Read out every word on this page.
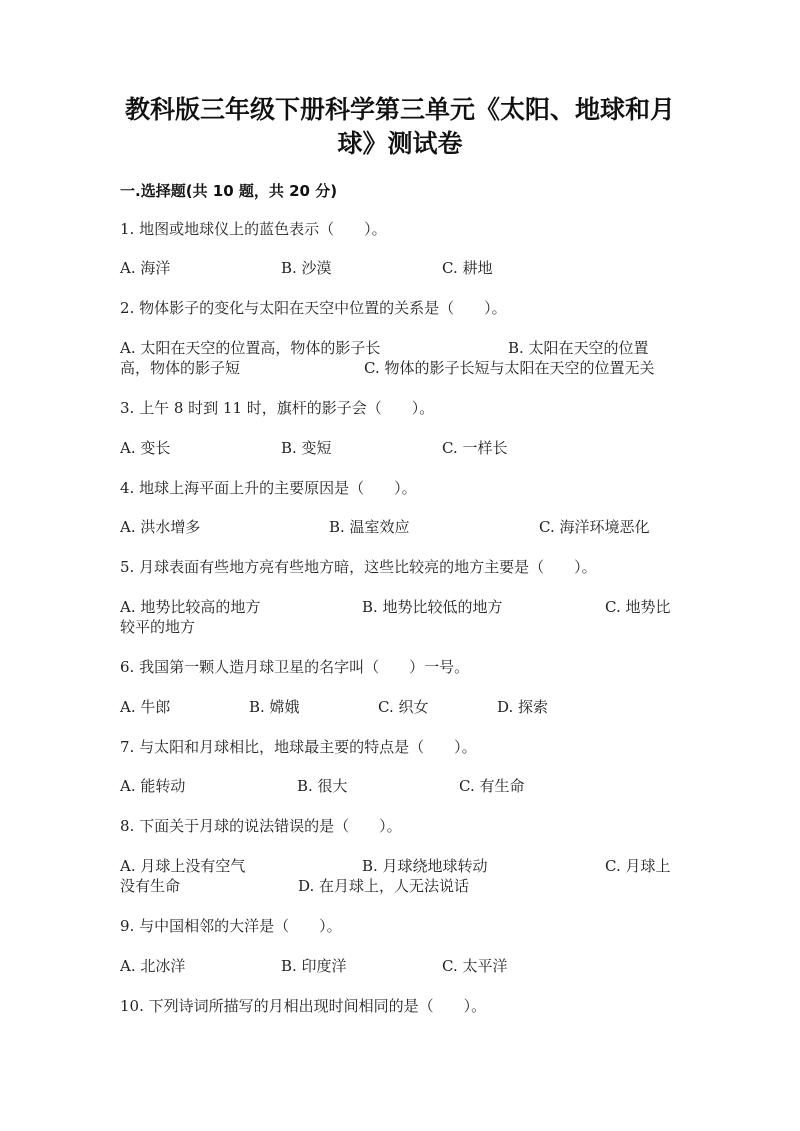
教科版三年级下册科学第三单元《太阳、地球和月
球》测试卷
一.选择题(共 10 题，共 20 分)
1. 地图或地球仪上的蓝色表示（　　）。
A. 海洋	B. 沙漠	C. 耕地
2. 物体影子的变化与太阳在天空中位置的关系是（　　）。
A. 太阳在天空的位置高，物体的影子长	B. 太阳在天空的位置
高，物体的影子短	C. 物体的影子长短与太阳在天空的位置无关
3. 上午 8 时到 11 时，旗杆的影子会（　　）。
A. 变长	B. 变短	C. 一样长
4. 地球上海平面上升的主要原因是（　　）。
A. 洪水增多	B. 温室效应	C. 海洋环境恶化
5. 月球表面有些地方亮有些地方暗，这些比较亮的地方主要是（　　）。
A. 地势比较高的地方	B. 地势比较低的地方	C. 地势比
较平的地方
6. 我国第一颗人造月球卫星的名字叫（　　）一号。
A. 牛郎	B. 嫦娥	C. 织女	D. 探索
7. 与太阳和月球相比，地球最主要的特点是（　　）。
A. 能转动	B. 很大	C. 有生命
8. 下面关于月球的说法错误的是（　　）。
A. 月球上没有空气	B. 月球绕地球转动	C. 月球上
没有生命	D. 在月球上，人无法说话
9. 与中国相邻的大洋是（　　）。
A. 北冰洋	B. 印度洋	C. 太平洋
10. 下列诗词所描写的月相出现时间相同的是（　　）。
